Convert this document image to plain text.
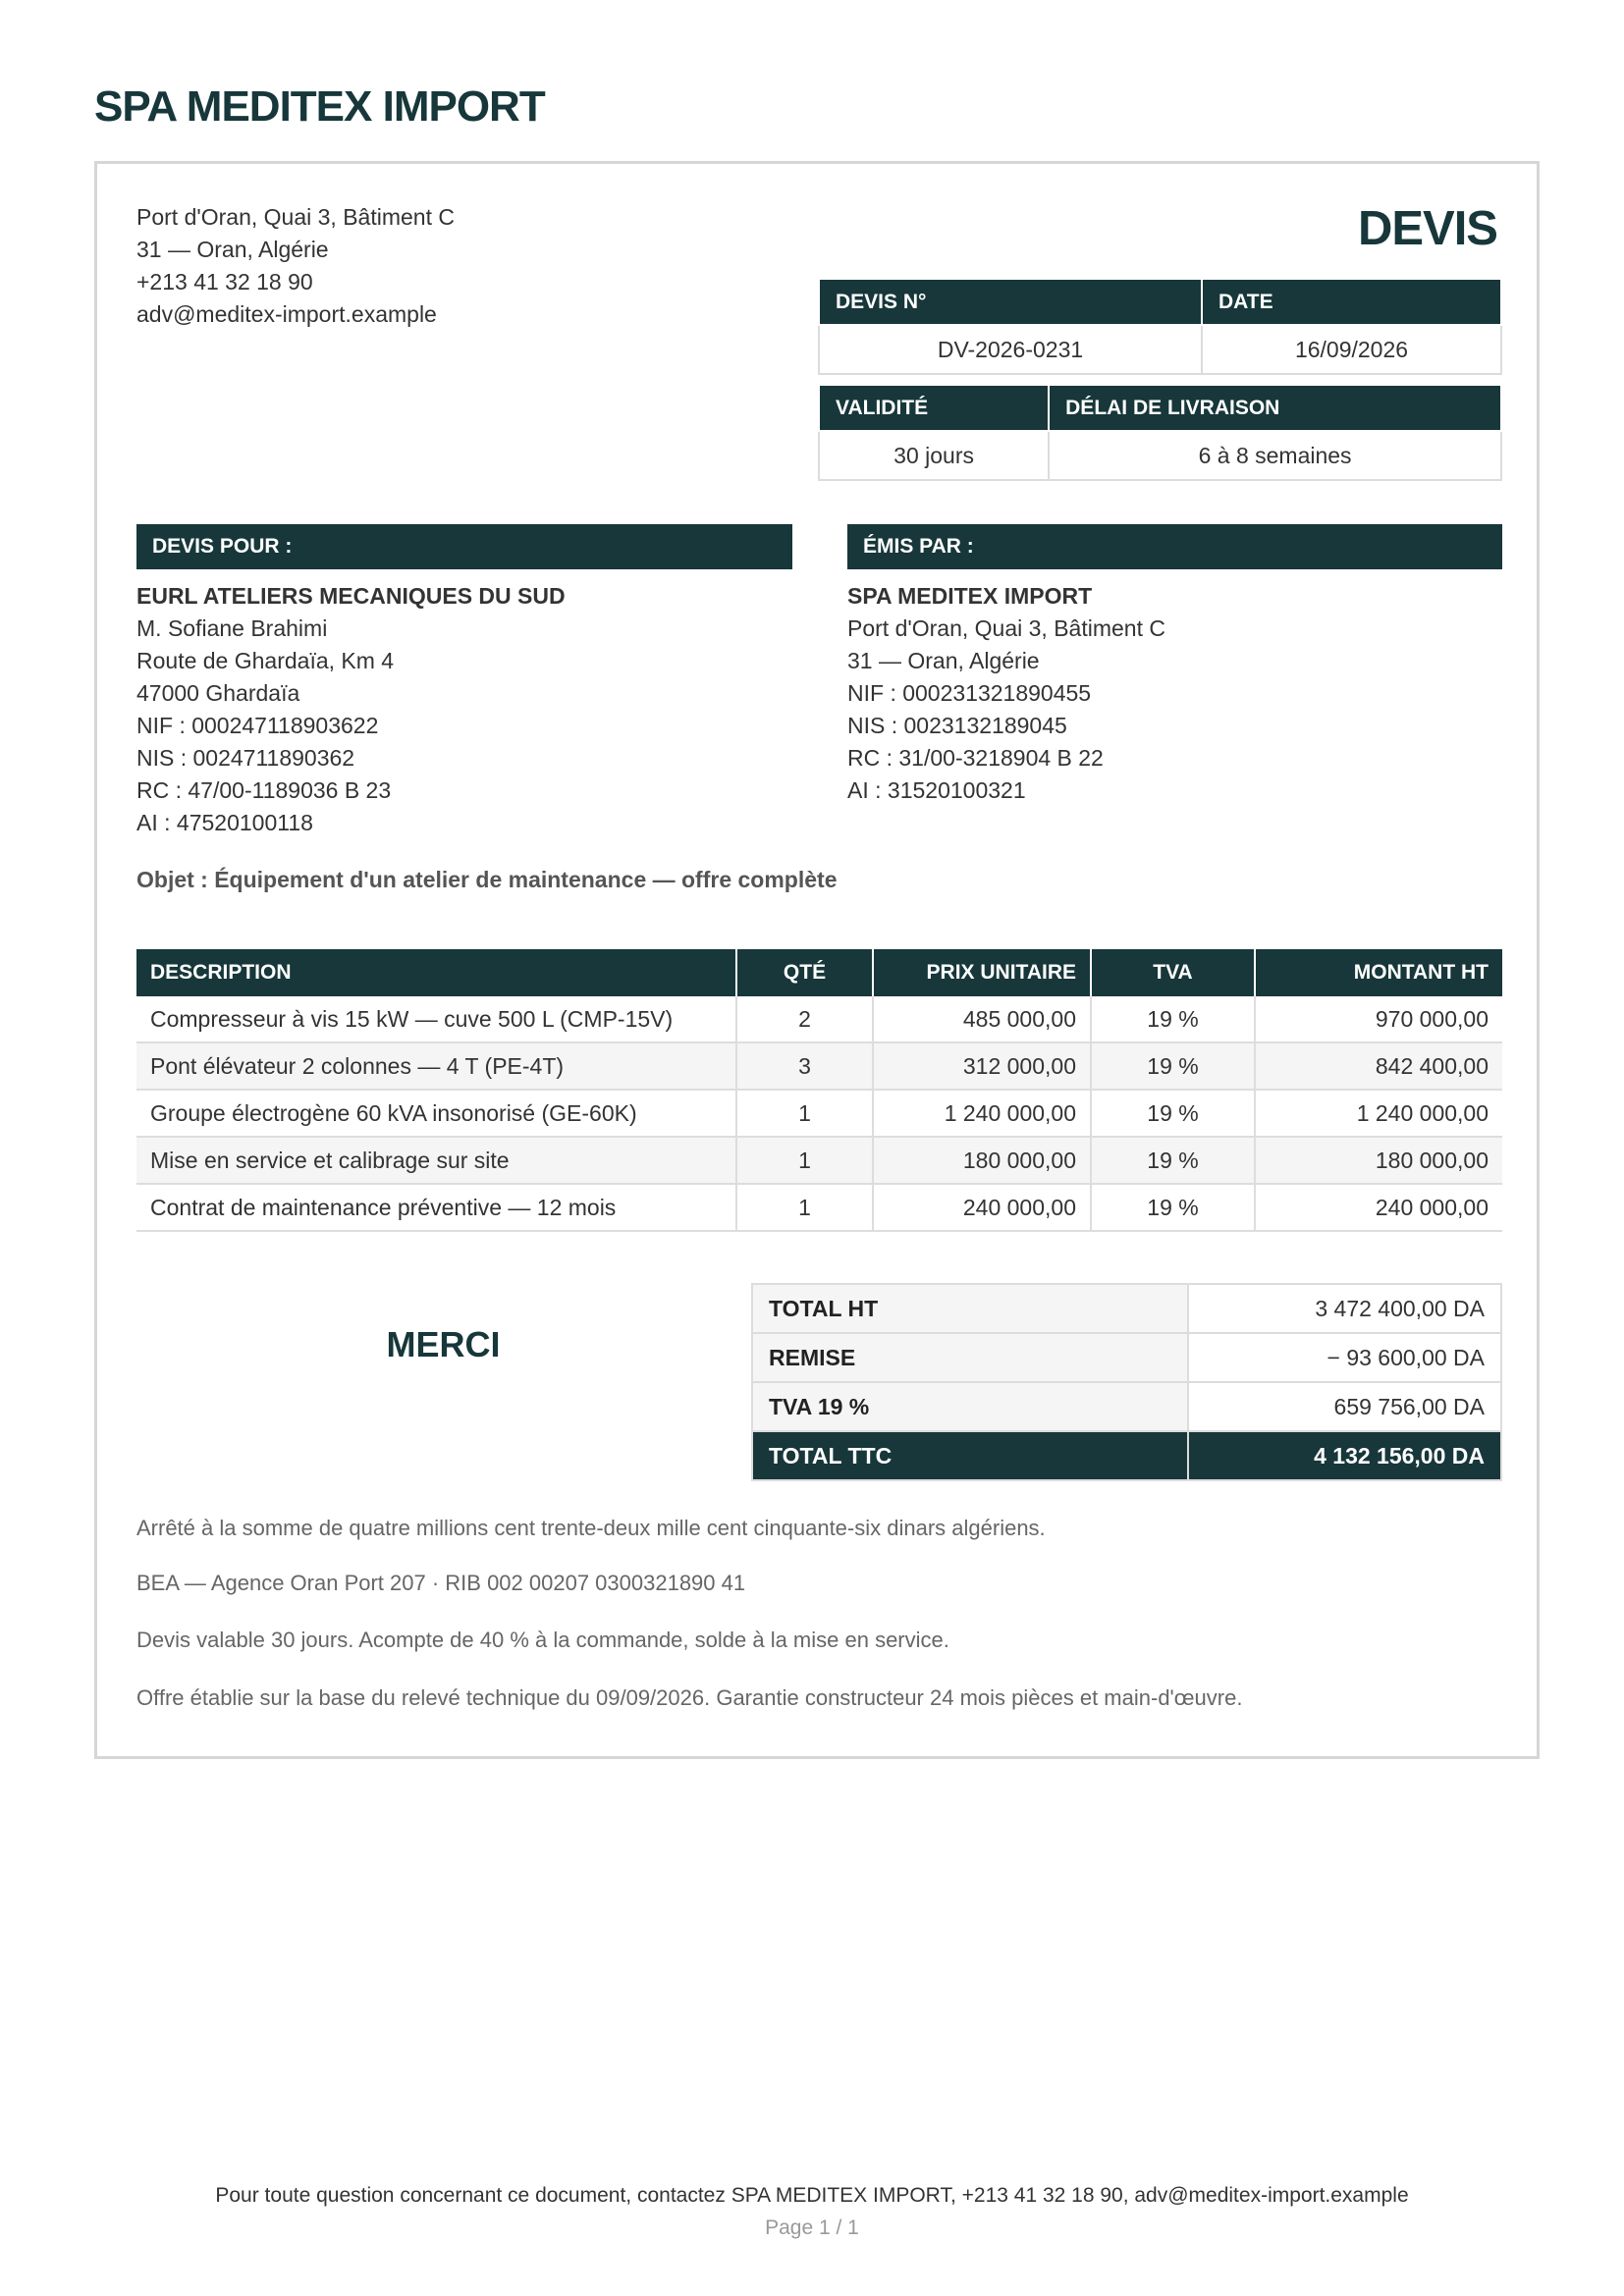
SPA MEDITEX IMPORT
Port d'Oran, Quai 3, Bâtiment C
31 — Oran, Algérie
+213 41 32 18 90
adv@meditex-import.example
DEVIS
DEVIS N°	DATE
DV-2026-0231	16/09/2026
VALIDITÉ	DÉLAI DE LIVRAISON
30 jours	6 à 8 semaines
DEVIS POUR :
EURL ATELIERS MECANIQUES DU SUD
M. Sofiane Brahimi
Route de Ghardaïa, Km 4
47000 Ghardaïa
NIF : 000247118903622
NIS : 0024711890362
RC : 47/00-1189036 B 23
AI : 47520100118
ÉMIS PAR :
SPA MEDITEX IMPORT
Port d'Oran, Quai 3, Bâtiment C
31 — Oran, Algérie
NIF : 000231321890455
NIS : 0023132189045
RC : 31/00-3218904 B 22
AI : 31520100321
Objet : Équipement d'un atelier de maintenance — offre complète
DESCRIPTION	QTÉ	PRIX UNITAIRE	TVA	MONTANT HT
Compresseur à vis 15 kW — cuve 500 L (CMP-15V)	2	485 000,00	19 %	970 000,00
Pont élévateur 2 colonnes — 4 T (PE-4T)	3	312 000,00	19 %	842 400,00
Groupe électrogène 60 kVA insonorisé (GE-60K)	1	1 240 000,00	19 %	1 240 000,00
Mise en service et calibrage sur site	1	180 000,00	19 %	180 000,00
Contrat de maintenance préventive — 12 mois	1	240 000,00	19 %	240 000,00
MERCI
TOTAL HT	3 472 400,00 DA
REMISE	− 93 600,00 DA
TVA 19 %	659 756,00 DA
TOTAL TTC	4 132 156,00 DA
Arrêté à la somme de quatre millions cent trente-deux mille cent cinquante-six dinars algériens.
BEA — Agence Oran Port 207 · RIB 002 00207 0300321890 41
Devis valable 30 jours. Acompte de 40 % à la commande, solde à la mise en service.
Offre établie sur la base du relevé technique du 09/09/2026. Garantie constructeur 24 mois pièces et main-d'œuvre.
Pour toute question concernant ce document, contactez SPA MEDITEX IMPORT, +213 41 32 18 90, adv@meditex-import.example
Page 1 / 1
